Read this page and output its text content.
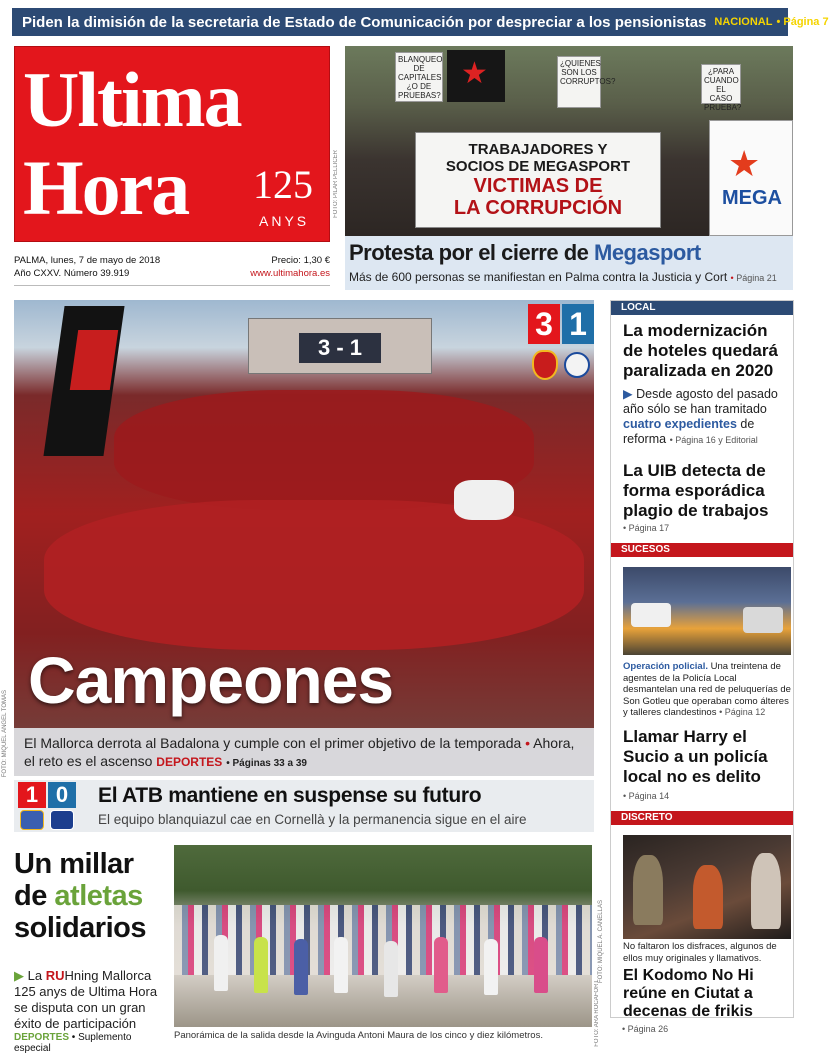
Piden la dimisión de la secretaria de Estado de Comunicación por despreciar a los pensionistas NACIONAL • Página 7
Ultima
Hora 125
ANYS
PALMA, lunes, 7 de mayo de 2018
Año CXXV. Número 39.919
Precio: 1,30 €
www.ultimahora.es
BLANQUEO DE CAPITALES ¿O DE PRUEBAS?
¿QUIENES SON LOS CORRUPTOS?
¿PARA CUANDO EL CASO PRUEBA?
★
TRABAJADORES Y
SOCIOS DE MEGASPORT
VICTIMAS DE
LA CORRUPCIÓN
★
MEGA
FOTO: PILAR PELLICER
Protesta por el cierre de Megasport
Más de 600 personas se manifiestan en Palma contra la Justicia y Cort • Página 21
3 - 1
Campeones
El Mallorca derrota al Badalona y cumple con el primer objetivo de la temporada • Ahora, el reto es el ascenso DEPORTES • Páginas 33 a 39
FOTO: MIQUEL ÀNGEL TOMÀS
3 1
1 0	El ATB mantiene en suspense su futuro
El equipo blanquiazul cae en Cornellà y la permanencia sigue en el aire
Un millar
de atletas
solidarios
▶ La RUHning Mallorca 125 anys de Ultima Hora se disputa con un gran éxito de participación
DEPORTES • Suplemento especial
Panorámica de la salida desde la Avinguda Antoni Maura de los cinco y diez kilómetros.	FOTO: ARA ROCAFORT
LOCAL
La modernización de hoteles quedará paralizada en 2020
▶ Desde agosto del pasado año sólo se han tramitado cuatro expedientes de reforma • Página 16 y Editorial
La UIB detecta de forma esporádica plagio de trabajos
• Página 17
SUCESOS
Operación policial. Una treintena de agentes de la Policía Local desmantelan una red de peluquerías de Son Gotleu que operaban como álteres y talleres clandestinos • Página 12
Llamar Harry el Sucio a un policía local no es delito
• Página 14
DISCRETO
No faltaron los disfraces, algunos de ellos muy originales y llamativos.
El Kodomo No Hi reúne en Ciutat a decenas de frikis
• Página 26
FOTO: MIQUEL À. CAÑELLAS
